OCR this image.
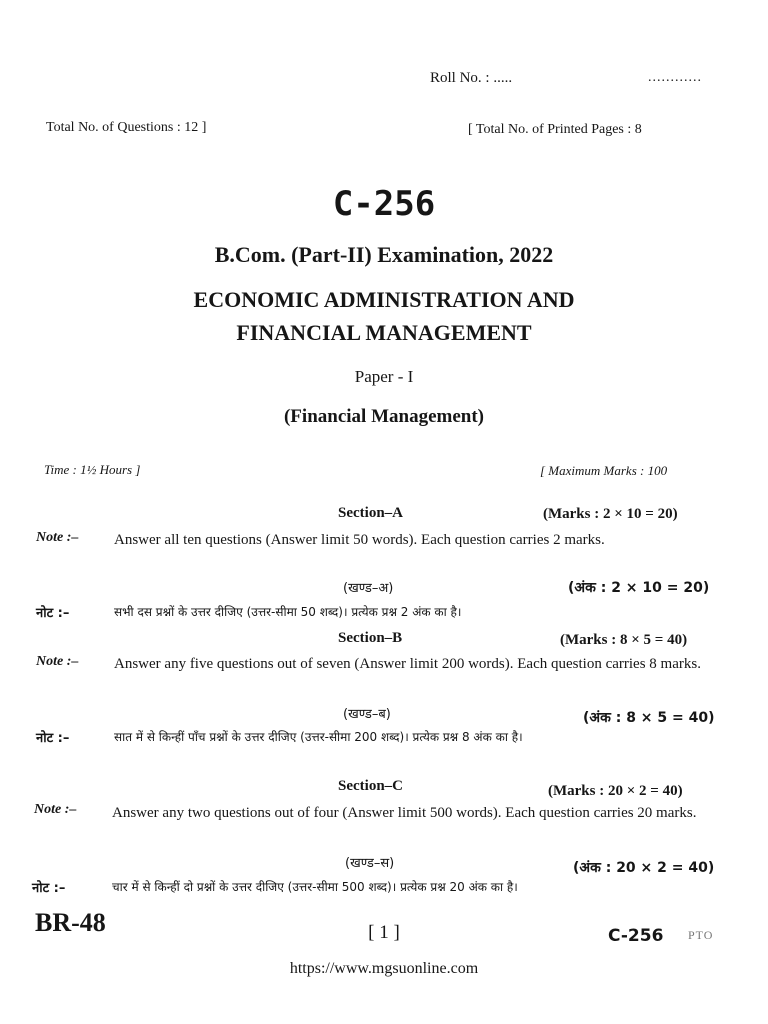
Roll No. : .....	............
Total No. of Questions : 12 ]	[ Total No. of Printed Pages : 8
C-256
B.Com. (Part-II) Examination, 2022
ECONOMIC ADMINISTRATION AND
FINANCIAL MANAGEMENT
Paper - I
(Financial Management)
Time : 1½ Hours ]	[ Maximum Marks : 100
Section–A	(Marks : 2 × 10 = 20)
Note :– Answer all ten questions (Answer limit 50 words). Each question carries 2 marks.
(खण्ड–अ)	(अंक : 2 × 10 = 20)
नोट :–	सभी दस प्रश्नों के उत्तर दीजिए (उत्तर-सीमा 50 शब्द)। प्रत्येक प्रश्न 2 अंक का है।
Section–B	(Marks : 8 × 5 = 40)
Note :– Answer any five questions out of seven (Answer limit 200 words). Each question carries 8 marks.
(खण्ड–ब)	(अंक : 8 × 5 = 40)
नोट :–	सात में से किन्हीं पाँच प्रश्नों के उत्तर दीजिए (उत्तर-सीमा 200 शब्द)। प्रत्येक प्रश्न 8 अंक का है।
Section–C	(Marks : 20 × 2 = 40)
Note :– Answer any two questions out of four (Answer limit 500 words). Each question carries 20 marks.
(खण्ड–स)	(अंक : 20 × 2 = 40)
नोट :–	चार में से किन्हीं दो प्रश्नों के उत्तर दीजिए (उत्तर-सीमा 500 शब्द)। प्रत्येक प्रश्न 20 अंक का है।
BR-48	[ 1 ]	C-256 PTO
https://www.mgsuonline.com
